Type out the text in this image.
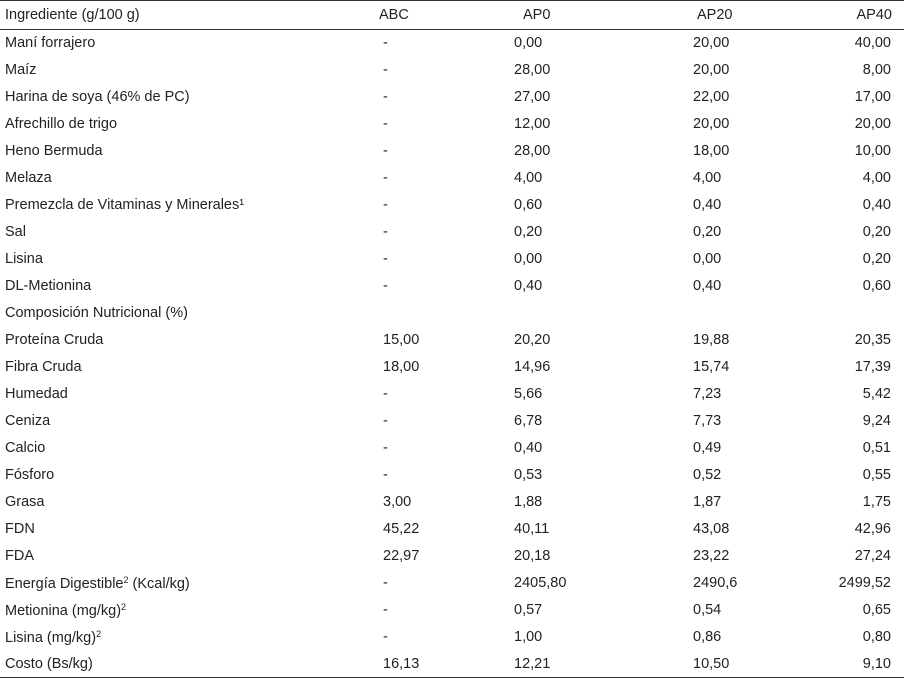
Ingrediente (g/100 g)	ABC	AP0	AP20	AP40
Maní forrajero	-	0,00	20,00	40,00
Maíz	-	28,00	20,00	8,00
Harina de soya (46% de PC)	-	27,00	22,00	17,00
Afrechillo de trigo	-	12,00	20,00	20,00
Heno Bermuda	-	28,00	18,00	10,00
Melaza	-	4,00	4,00	4,00
Premezcla de Vitaminas y Minerales¹	-	0,60	0,40	0,40
Sal	-	0,20	0,20	0,20
Lisina	-	0,00	0,00	0,20
DL-Metionina	-	0,40	0,40	0,60
Composición Nutricional (%)				
Proteína Cruda	15,00	20,20	19,88	20,35
Fibra Cruda	18,00	14,96	15,74	17,39
Humedad	-	5,66	7,23	5,42
Ceniza	-	6,78	7,73	9,24
Calcio	-	0,40	0,49	0,51
Fósforo	-	0,53	0,52	0,55
Grasa	3,00	1,88	1,87	1,75
FDN	45,22	40,11	43,08	42,96
FDA	22,97	20,18	23,22	27,24
Energía Digestible$^2$ (Kcal/kg)	-	2405,80	2490,6	2499,52
Metionina $(mg/kg)^2$	-	0,57	0,54	0,65
Lisina $(mg/kg)^2$	-	1,00	0,86	0,80
Costo (Bs/kg)	16,13	12,21	10,50	9,10
